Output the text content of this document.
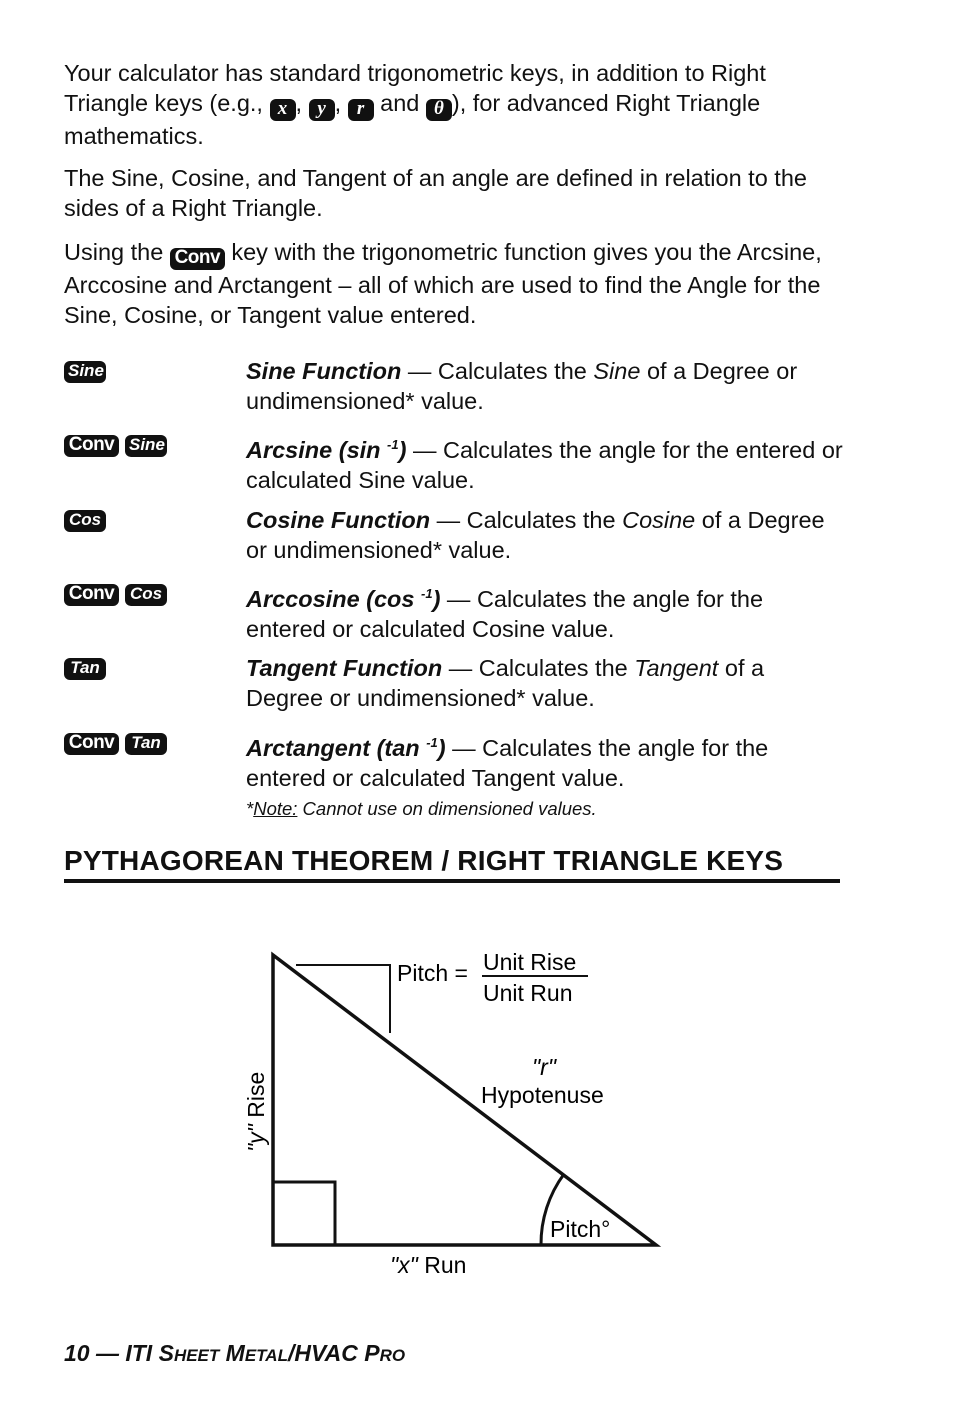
Your calculator has standard trigonometric keys, in addition to Right Triangle keys (e.g., x , y , r and θ ), for advanced Right Triangle mathematics.

The Sine, Cosine, and Tangent of an angle are defined in relation to the sides of a Right Triangle.

Using the Conv key with the trigonometric function gives you the Arcsine, Arccosine and Arctangent – all of which are used to find the Angle for the Sine, Cosine, or Tangent value entered.

Sine	Sine Function — Calculates the Sine of a Degree or undimensioned* value.
Conv Sine	Arcsine (sin $^{-1}$) — Calculates the angle for the entered or calculated Sine value.
Cos	Cosine Function — Calculates the Cosine of a Degree or undimensioned* value.
Conv Cos	Arccosine (cos $^{-1}$) — Calculates the angle for the entered or calculated Cosine value.
Tan	Tangent Function — Calculates the Tangent of a Degree or undimensioned* value.
Conv Tan	Arctangent (tan $^{-1}$) — Calculates the angle for the entered or calculated Tangent value.
*Note: Cannot use on dimensioned values.
PYTHAGOREAN THEOREM / RIGHT TRIANGLE KEYS
Pitch = Unit Rise
Unit Run
"r"
Hypotenuse
"y" Rise
"x" Run
Pitch°
10 — ITI SHEET METAL/HVAC PRO
